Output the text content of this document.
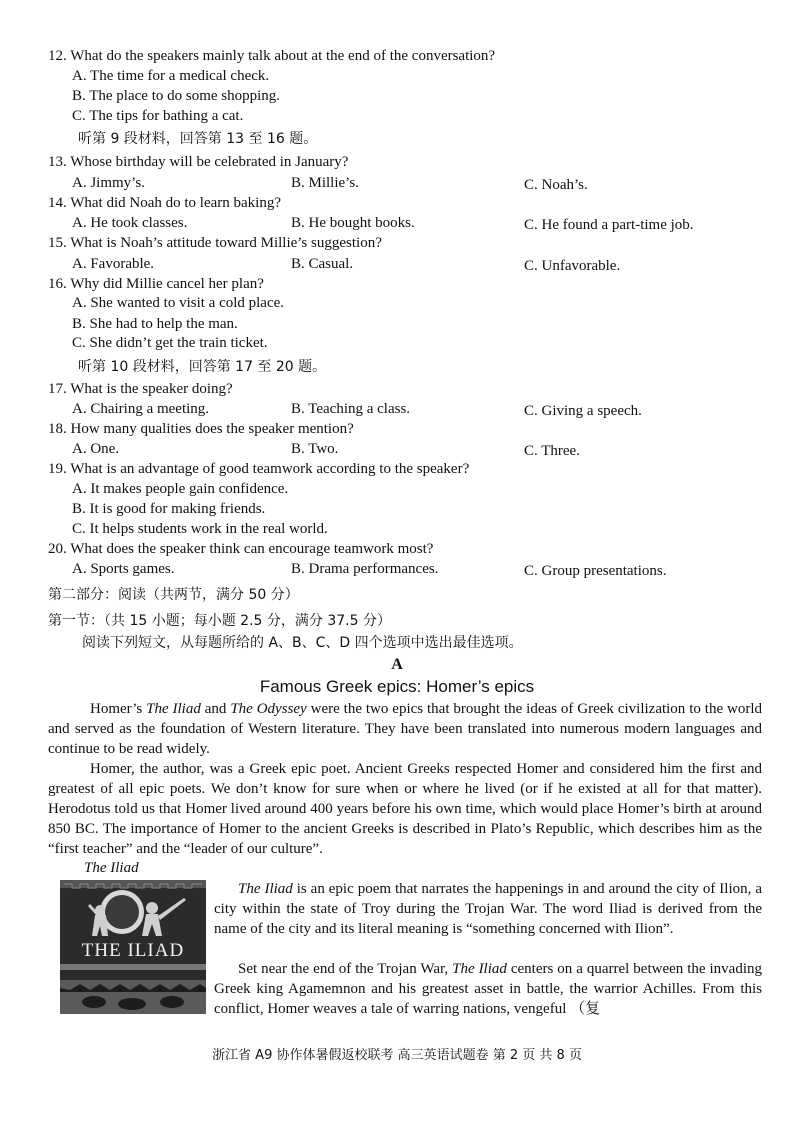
12. What do the speakers mainly talk about at the end of the conversation?
A. The time for a medical check.
B. The place to do some shopping.
C. The tips for bathing a cat.
听第 9 段材料，回答第 13 至 16 题。
13. Whose birthday will be celebrated in January?
A. Jimmy’s.	B. Millie’s.	C. Noah’s.
14. What did Noah do to learn baking?
A. He took classes.	B. He bought books.	C. He found a part-time job.
15. What is Noah’s attitude toward Millie’s suggestion?
A. Favorable.	B. Casual.	C. Unfavorable.
16. Why did Millie cancel her plan?
A. She wanted to visit a cold place.
B. She had to help the man.
C. She didn’t get the train ticket.
听第 10 段材料，回答第 17 至 20 题。
17. What is the speaker doing?
A. Chairing a meeting.	B. Teaching a class.	C. Giving a speech.
18. How many qualities does the speaker mention?
A. One.	B. Two.	C. Three.
19. What is an advantage of good teamwork according to the speaker?
A. It makes people gain confidence.
B. It is good for making friends.
C. It helps students work in the real world.
20. What does the speaker think can encourage teamwork most?
A. Sports games.	B. Drama performances.	C. Group presentations.
第二部分：阅读（共两节，满分 50 分）
第一节：（共 15 小题；每小题 2.5 分，满分 37.5 分）
阅读下列短文，从每题所给的 A、B、C、D 四个选项中选出最佳选项。
A
Famous Greek epics: Homer’s epics
Homer’s The Iliad and The Odyssey were the two epics that brought the ideas of Greek civilization to the world and served as the foundation of Western literature. They have been translated into numerous modern languages and continue to be read widely.
Homer, the author, was a Greek epic poet. Ancient Greeks respected Homer and considered him the first and greatest of all epic poets. We don’t know for sure when or where he lived (or if he existed at all for that matter). Herodotus told us that Homer lived around 400 years before his own time, which would place Homer’s birth at around 850 BC. The importance of Homer to the ancient Greeks is described in Plato’s Republic, which describes him as the “first teacher” and the “leader of our culture”.
The Iliad
THE ILIAD
The Iliad is an epic poem that narrates the happenings in and around the city of Ilion, a city within the state of Troy during the Trojan War. The word Iliad is derived from the name of the city and its literal meaning is “something concerned with Ilion”.
Set near the end of the Trojan War, The Iliad centers on a quarrel between the invading Greek king Agamemnon and his greatest asset in battle, the warrior Achilles. From this conflict, Homer weaves a tale of warring nations, vengeful （复
浙江省 A9 协作体暑假返校联考 高三英语试题卷 第 2 页 共 8 页
